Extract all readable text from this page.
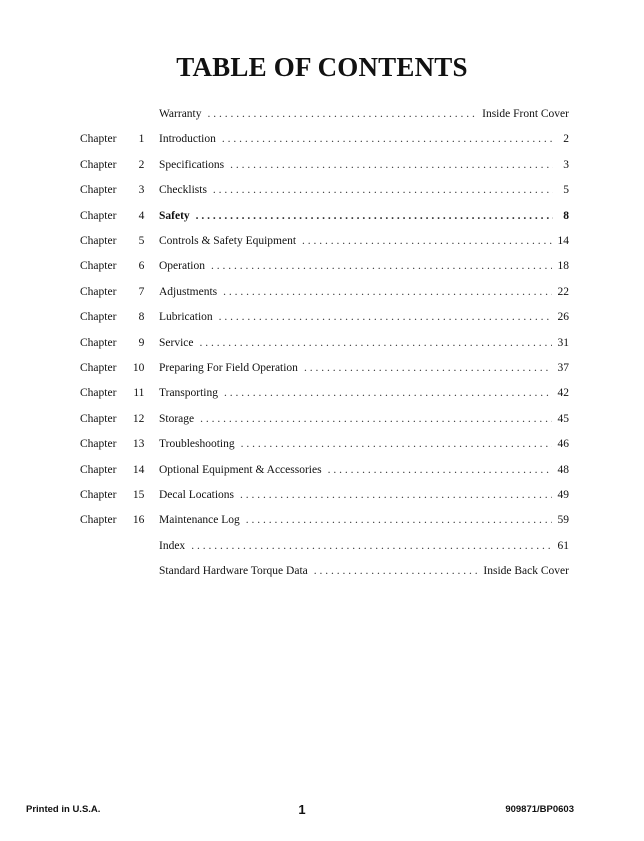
TABLE OF CONTENTS
Warranty . . .	Inside Front Cover
Chapter 1	Introduction . . .	2
Chapter 2	Specifications . . .	3
Chapter 3	Checklists . . .	5
Chapter 4	Safety . . .	8
Chapter 5	Controls & Safety Equipment . . .	14
Chapter 6	Operation . . .	18
Chapter 7	Adjustments . . .	22
Chapter 8	Lubrication . . .	26
Chapter 9	Service . . .	31
Chapter 10	Preparing For Field Operation . . .	37
Chapter 11	Transporting . . .	42
Chapter 12	Storage . . .	45
Chapter 13	Troubleshooting . . .	46
Chapter 14	Optional Equipment & Accessories . . .	48
Chapter 15	Decal Locations . . .	49
Chapter 16	Maintenance Log . . .	59
Index . . .	61
Standard Hardware Torque Data . . .	Inside Back Cover
Printed in U.S.A.	1	909871/BP0603
